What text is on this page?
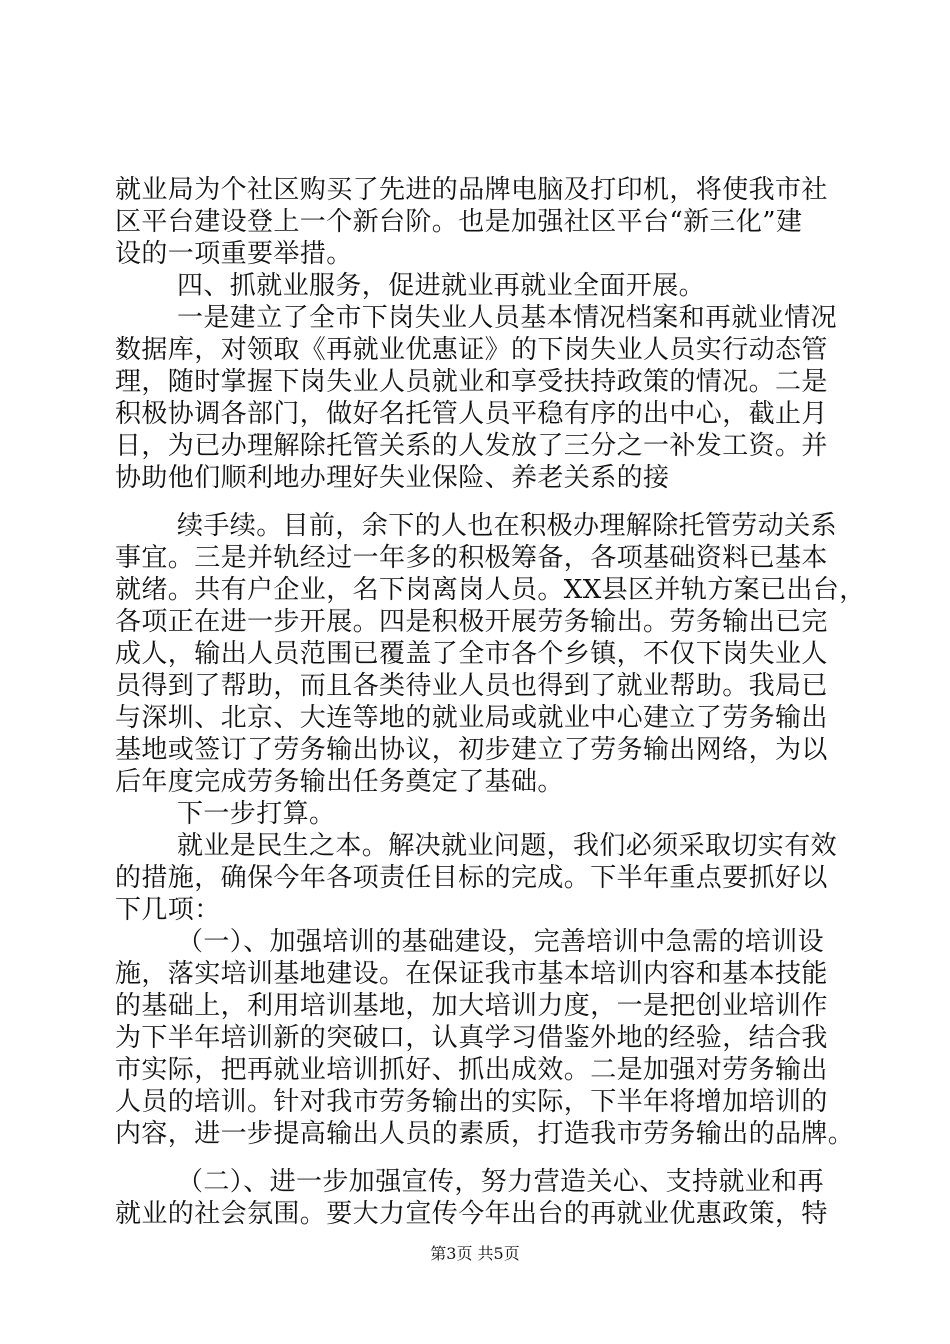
就业局为个社区购买了先进的品牌电脑及打印机，将使我市社
区平台建设登上一个新台阶。也是加强社区平台“新三化”建
设的一项重要举措。
四、抓就业服务，促进就业再就业全面开展。
一是建立了全市下岗失业人员基本情况档案和再就业情况
数据库，对领取《再就业优惠证》的下岗失业人员实行动态管
理，随时掌握下岗失业人员就业和享受扶持政策的情况。二是
积极协调各部门，做好名托管人员平稳有序的出中心，截止月
日，为已办理解除托管关系的人发放了三分之一补发工资。并
协助他们顺利地办理好失业保险、养老关系的接
续手续。目前，余下的人也在积极办理解除托管劳动关系
事宜。三是并轨经过一年多的积极筹备，各项基础资料已基本
就绪。共有户企业，名下岗离岗人员。XX县区并轨方案已出台，
各项正在进一步开展。四是积极开展劳务输出。劳务输出已完
成人，输出人员范围已覆盖了全市各个乡镇，不仅下岗失业人
员得到了帮助，而且各类待业人员也得到了就业帮助。我局已
与深圳、北京、大连等地的就业局或就业中心建立了劳务输出
基地或签订了劳务输出协议，初步建立了劳务输出网络，为以
后年度完成劳务输出任务奠定了基础。
下一步打算。
就业是民生之本。解决就业问题，我们必须采取切实有效
的措施，确保今年各项责任目标的完成。下半年重点要抓好以
下几项：
（一）、加强培训的基础建设，完善培训中急需的培训设
施，落实培训基地建设。在保证我市基本培训内容和基本技能
的基础上，利用培训基地，加大培训力度，一是把创业培训作
为下半年培训新的突破口，认真学习借鉴外地的经验，结合我
市实际，把再就业培训抓好、抓出成效。二是加强对劳务输出
人员的培训。针对我市劳务输出的实际，下半年将增加培训的
内容，进一步提高输出人员的素质，打造我市劳务输出的品牌。
（二）、进一步加强宣传，努力营造关心、支持就业和再
就业的社会氛围。要大力宣传今年出台的再就业优惠政策，特
第3页 共5页
